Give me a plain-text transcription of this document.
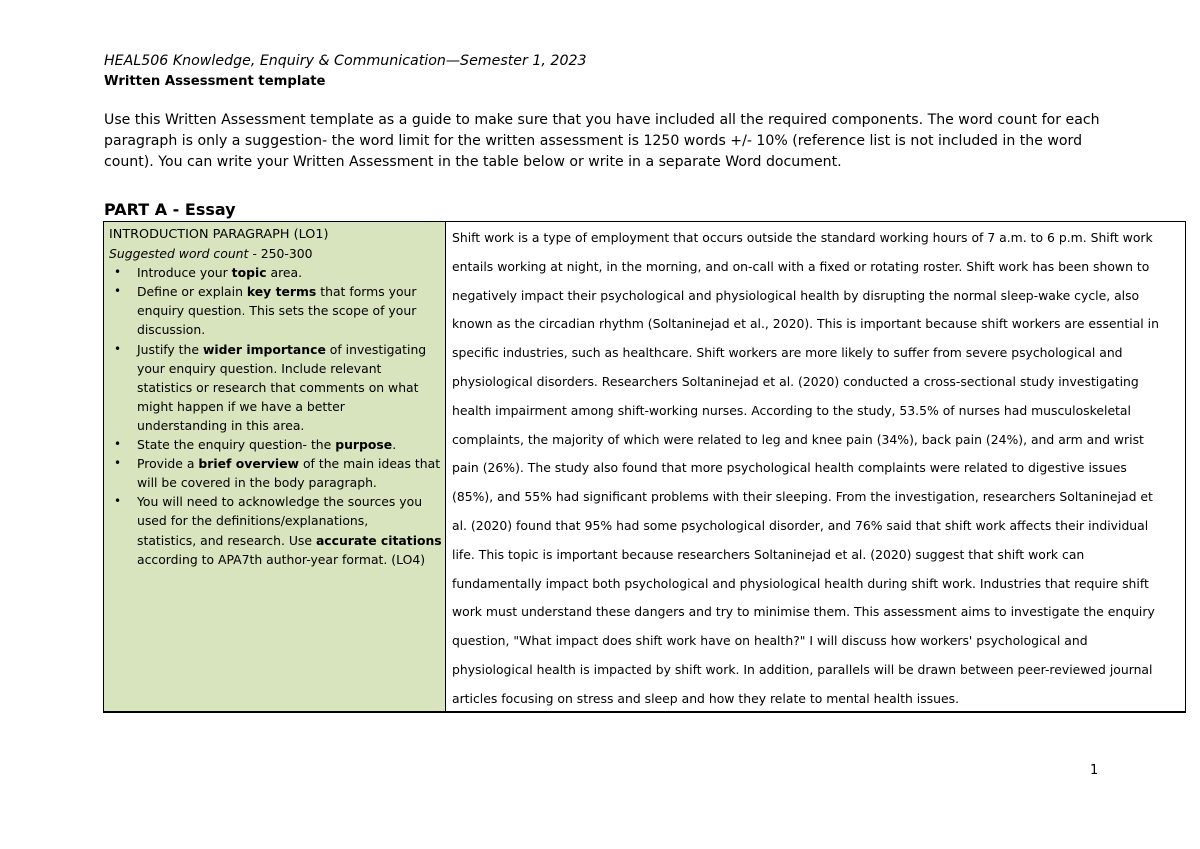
HEAL506 Knowledge, Enquiry & Communication—Semester 1, 2023
Written Assessment template
Use this Written Assessment template as a guide to make sure that you have included all the required components. The word count for each
paragraph is only a suggestion- the word limit for the written assessment is 1250 words +/- 10% (reference list is not included in the word
count). You can write your Written Assessment in the table below or write in a separate Word document.
PART A - Essay
INTRODUCTION PARAGRAPH (LO1)
Suggested word count - 250-300
• Introduce your topic area.
• Define or explain key terms that forms your
enquiry question. This sets the scope of your
discussion.
• Justify the wider importance of investigating
your enquiry question. Include relevant
statistics or research that comments on what
might happen if we have a better
understanding in this area.
• State the enquiry question- the purpose.
• Provide a brief overview of the main ideas that
will be covered in the body paragraph.
• You will need to acknowledge the sources you
used for the definitions/explanations,
statistics, and research. Use accurate citations
according to APA7th author-year format. (LO4)
Shift work is a type of employment that occurs outside the standard working hours of 7 a.m. to 6 p.m. Shift work
entails working at night, in the morning, and on-call with a fixed or rotating roster. Shift work has been shown to
negatively impact their psychological and physiological health by disrupting the normal sleep-wake cycle, also
known as the circadian rhythm (Soltaninejad et al., 2020). This is important because shift workers are essential in
specific industries, such as healthcare. Shift workers are more likely to suffer from severe psychological and
physiological disorders. Researchers Soltaninejad et al. (2020) conducted a cross-sectional study investigating
health impairment among shift-working nurses. According to the study, 53.5% of nurses had musculoskeletal
complaints, the majority of which were related to leg and knee pain (34%), back pain (24%), and arm and wrist
pain (26%). The study also found that more psychological health complaints were related to digestive issues
(85%), and 55% had significant problems with their sleeping. From the investigation, researchers Soltaninejad et
al. (2020) found that 95% had some psychological disorder, and 76% said that shift work affects their individual
life. This topic is important because researchers Soltaninejad et al. (2020) suggest that shift work can
fundamentally impact both psychological and physiological health during shift work. Industries that require shift
work must understand these dangers and try to minimise them. This assessment aims to investigate the enquiry
question, "What impact does shift work have on health?" I will discuss how workers' psychological and
physiological health is impacted by shift work. In addition, parallels will be drawn between peer-reviewed journal
articles focusing on stress and sleep and how they relate to mental health issues.
1
